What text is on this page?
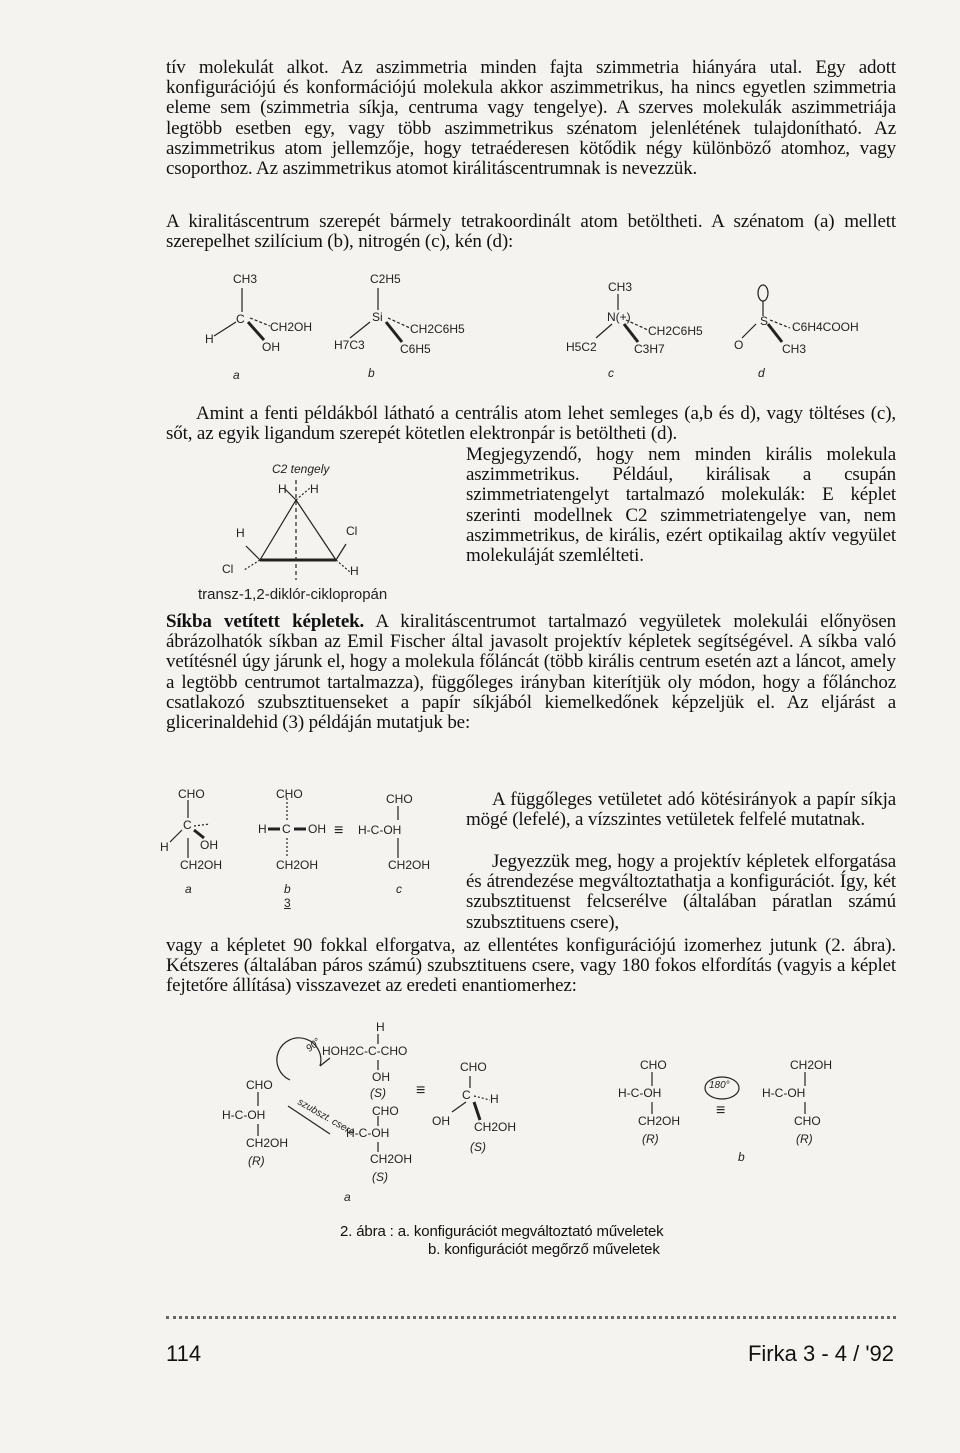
tív molekulát alkot. Az aszimmetria minden fajta szimmetria hiányára utal. Egy adott konfigurációjú és konformációjú molekula akkor aszimmetrikus, ha nincs egyetlen szimmetria eleme sem (szimmetria síkja, centruma vagy tengelye). A szerves molekulák aszimmetriája legtöbb esetben egy, vagy több aszimmetrikus szénatom jelenlétének tulajdonítható. Az aszimmetrikus atom jellemzője, hogy tetraéderesen kötődik négy különböző atomhoz, vagy csoporthoz. Az aszimmetrikus atomot királitáscentrumnak is nevezzük.
A kiralitáscentrum szerepét bármely tetrakoordinált atom betöltheti. A szénatom (a) mellett szerepelhet szilícium (b), nitrogén (c), kén (d):
CH3
C
CH2OH
H
OH
a
C2H5
Si
CH2C6H5
H7C3	C6H5
b
CH3
N(+)
CH2C6H5
H5C2	C3H7
c
S C6H4COOH
O	CH3
d
Amint a fenti példákból látható a centrális atom lehet semleges (a,b és d), vagy töltéses (c), sőt, az egyik ligandum szerepét kötetlen elektronpár is betöltheti (d).
C2 tengely
H H
H	Cl
Cl	H
transz-1,2-diklór-ciklopropán
Megjegyzendő, hogy nem minden királis molekula aszimmetrikus. Például, királisak a csupán szimmetriatengelyt tartalmazó molekulák: E képlet szerinti modellnek C2 szimmetriatengelye van, nem aszimmetrikus, de királis, ezért optikailag aktív vegyület molekuláját szemlélteti.
Síkba vetített képletek. A kiralitáscentrumot tartalmazó vegyületek molekulái előnyösen ábrázolhatók síkban az Emil Fischer által javasolt projektív képletek segítségével. A síkba való vetítésnél úgy járunk el, hogy a molekula főláncát (több királis centrum esetén azt a láncot, amely a legtöbb centrumot tartalmazza), függőleges irányban kiterítjük oly módon, hogy a főlánchoz csatlakozó szubsztituenseket a papír síkjából kiemelkedőnek képzeljük el. Az eljárást a glicerinaldehid (3) példáján mutatjuk be:
CHO
C
H	OH
CH2OH
a
CHO
H C OH
CH2OH
b
3
≡
CHO
H-C-OH
CH2OH
c
A függőleges vetületet adó kötésirányok a papír síkja mögé (lefelé), a vízszintes vetületek felfelé mutatnak.
Jegyezzük meg, hogy a projektív képletek elforgatása és átrendezése megváltoztathatja a konfigurációt. Így, két szubsztituenst felcserélve (általában páratlan számú szubsztituens csere),
vagy a képletet 90 fokkal elforgatva, az ellentétes konfigurációjú izomerhez jutunk (2. ábra). Kétszeres (általában páros számú) szubsztituens csere, vagy 180 fokos elfordítás (vagyis a képlet fejtetőre állítása) visszavezet az eredeti enantiomerhez:
CHO
H-C-OH
CH2OH
(R)
90°
szubszt. csere
H
HOH2C-C-CHO
OH
(S)
CHO
H-C-OH
CH2OH
(S)
a
≡
CHO
C
OH CH2OH
H
(S)
CHO
H-C-OH
CH2OH
(R)
180°
≡
CH2OH
H-C-OH
CHO
(R)
b
2. ábra : a. konfigurációt megváltoztató műveletek
b. konfigurációt megőrző műveletek
114	Firka 3 - 4 / '92
